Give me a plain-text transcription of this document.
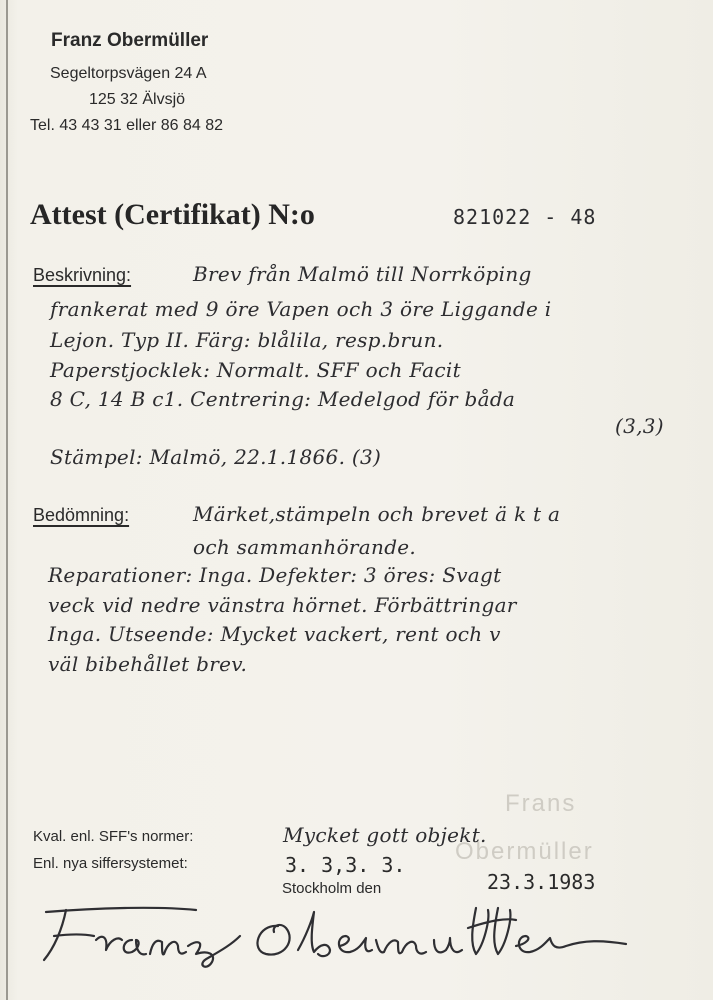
Franz Obermüller
Segeltorpsvägen 24 A
125 32 Älvsjö
Tel. 43 43 31 eller 86 84 82
Attest (Certifikat) N:o	821022 - 48
Beskrivning:	Brev från Malmö till Norrköping
frankerat med 9 öre Vapen och 3 öre Liggande i
Lejon. Typ II. Färg: blålila, resp.brun.
Paperstjocklek: Normalt. SFF och Facit
8 C, 14 B c1. Centrering: Medelgod för båda
(3,3)
Stämpel: Malmö, 22.1.1866. (3)
Bedömning:	Märket,stämpeln och brevet ä k t a
och sammanhörande.
Reparationer: Inga. Defekter: 3 öres: Svagt
veck vid nedre vänstra hörnet. Förbättringar
Inga. Utseende: Mycket vackert, rent och v
väl bibehållet brev.
Frans
Obermüller
Kval. enl. SFF's normer:	Mycket gott objekt.
Enl. nya siffersystemet:	3. 3,3. 3.
Stockholm den	23.3.1983
